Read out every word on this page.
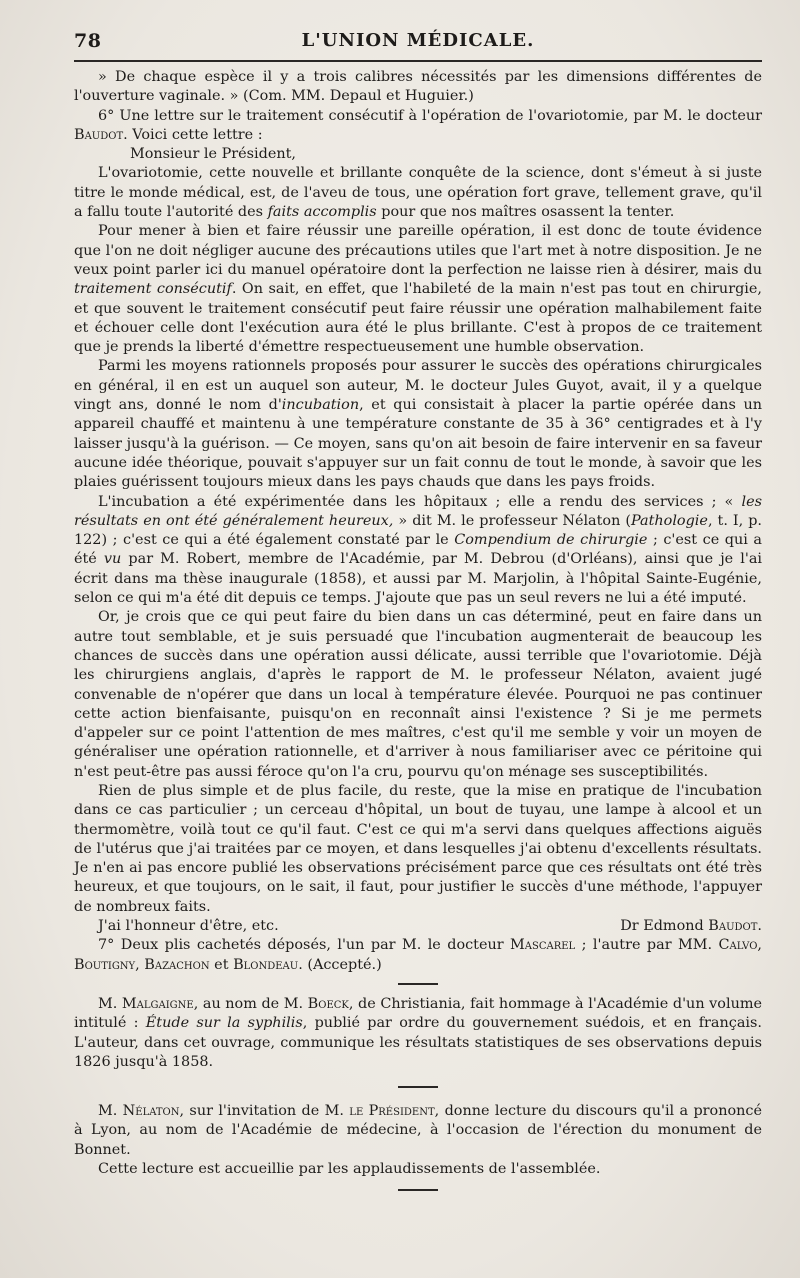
78	L'UNION MÉDICALE.

» De chaque espèce il y a trois calibres nécessités par les dimensions différentes de l'ouverture vaginale. » (Com. MM. Depaul et Huguier.)

6° Une lettre sur le traitement consécutif à l'opération de l'ovariotomie, par M. le docteur Baudot. Voici cette lettre :

Monsieur le Président,

L'ovariotomie, cette nouvelle et brillante conquête de la science, dont s'émeut à si juste titre le monde médical, est, de l'aveu de tous, une opération fort grave, tellement grave, qu'il a fallu toute l'autorité des faits accomplis pour que nos maîtres osassent la tenter.

Pour mener à bien et faire réussir une pareille opération, il est donc de toute évidence que l'on ne doit négliger aucune des précautions utiles que l'art met à notre disposition. Je ne veux point parler ici du manuel opératoire dont la perfection ne laisse rien à désirer, mais du traitement consécutif. On sait, en effet, que l'habileté de la main n'est pas tout en chirurgie, et que souvent le traitement consécutif peut faire réussir une opération malhabilement faite et échouer celle dont l'exécution aura été le plus brillante. C'est à propos de ce traitement que je prends la liberté d'émettre respectueusement une humble observation.

Parmi les moyens rationnels proposés pour assurer le succès des opérations chirurgicales en général, il en est un auquel son auteur, M. le docteur Jules Guyot, avait, il y a quelque vingt ans, donné le nom d'incubation, et qui consistait à placer la partie opérée dans un appareil chauffé et maintenu à une température constante de 35 à 36° centigrades et à l'y laisser jusqu'à la guérison. — Ce moyen, sans qu'on ait besoin de faire intervenir en sa faveur aucune idée théorique, pouvait s'appuyer sur un fait connu de tout le monde, à savoir que les plaies guérissent toujours mieux dans les pays chauds que dans les pays froids.

L'incubation a été expérimentée dans les hôpitaux ; elle a rendu des services ; « les résultats en ont été généralement heureux, » dit M. le professeur Nélaton (Pathologie, t. I, p. 122) ; c'est ce qui a été également constaté par le Compendium de chirurgie ; c'est ce qui a été vu par M. Robert, membre de l'Académie, par M. Debrou (d'Orléans), ainsi que je l'ai écrit dans ma thèse inaugurale (1858), et aussi par M. Marjolin, à l'hôpital Sainte-Eugénie, selon ce qui m'a été dit depuis ce temps. J'ajoute que pas un seul revers ne lui a été imputé.

Or, je crois que ce qui peut faire du bien dans un cas déterminé, peut en faire dans un autre tout semblable, et je suis persuadé que l'incubation augmenterait de beaucoup les chances de succès dans une opération aussi délicate, aussi terrible que l'ovariotomie. Déjà les chirurgiens anglais, d'après le rapport de M. le professeur Nélaton, avaient jugé convenable de n'opérer que dans un local à température élevée. Pourquoi ne pas continuer cette action bienfaisante, puisqu'on en reconnaît ainsi l'existence ? Si je me permets d'appeler sur ce point l'attention de mes maîtres, c'est qu'il me semble y voir un moyen de généraliser une opération rationnelle, et d'arriver à nous familiariser avec ce péritoine qui n'est peut-être pas aussi féroce qu'on l'a cru, pourvu qu'on ménage ses susceptibilités.

Rien de plus simple et de plus facile, du reste, que la mise en pratique de l'incubation dans ce cas particulier ; un cerceau d'hôpital, un bout de tuyau, une lampe à alcool et un thermomètre, voilà tout ce qu'il faut. C'est ce qui m'a servi dans quelques affections aiguës de l'utérus que j'ai traitées par ce moyen, et dans lesquelles j'ai obtenu d'excellents résultats. Je n'en ai pas encore publié les observations précisément parce que ces résultats ont été très heureux, et que toujours, on le sait, il faut, pour justifier le succès d'une méthode, l'appuyer de nombreux faits.

J'ai l'honneur d'être, etc.	Dr Edmond Baudot.

7° Deux plis cachetés déposés, l'un par M. le docteur Mascarel ; l'autre par MM. Calvo, Boutigny, Bazachon et Blondeau. (Accepté.)

M. Malgaigne, au nom de M. Boeck, de Christiania, fait hommage à l'Académie d'un volume intitulé : Étude sur la syphilis, publié par ordre du gouvernement suédois, et en français. L'auteur, dans cet ouvrage, communique les résultats statistiques de ses observations depuis 1826 jusqu'à 1858.

M. Nélaton, sur l'invitation de M. le Président, donne lecture du discours qu'il a prononcé à Lyon, au nom de l'Académie de médecine, à l'occasion de l'érection du monument de Bonnet.

Cette lecture est accueillie par les applaudissements de l'assemblée.
